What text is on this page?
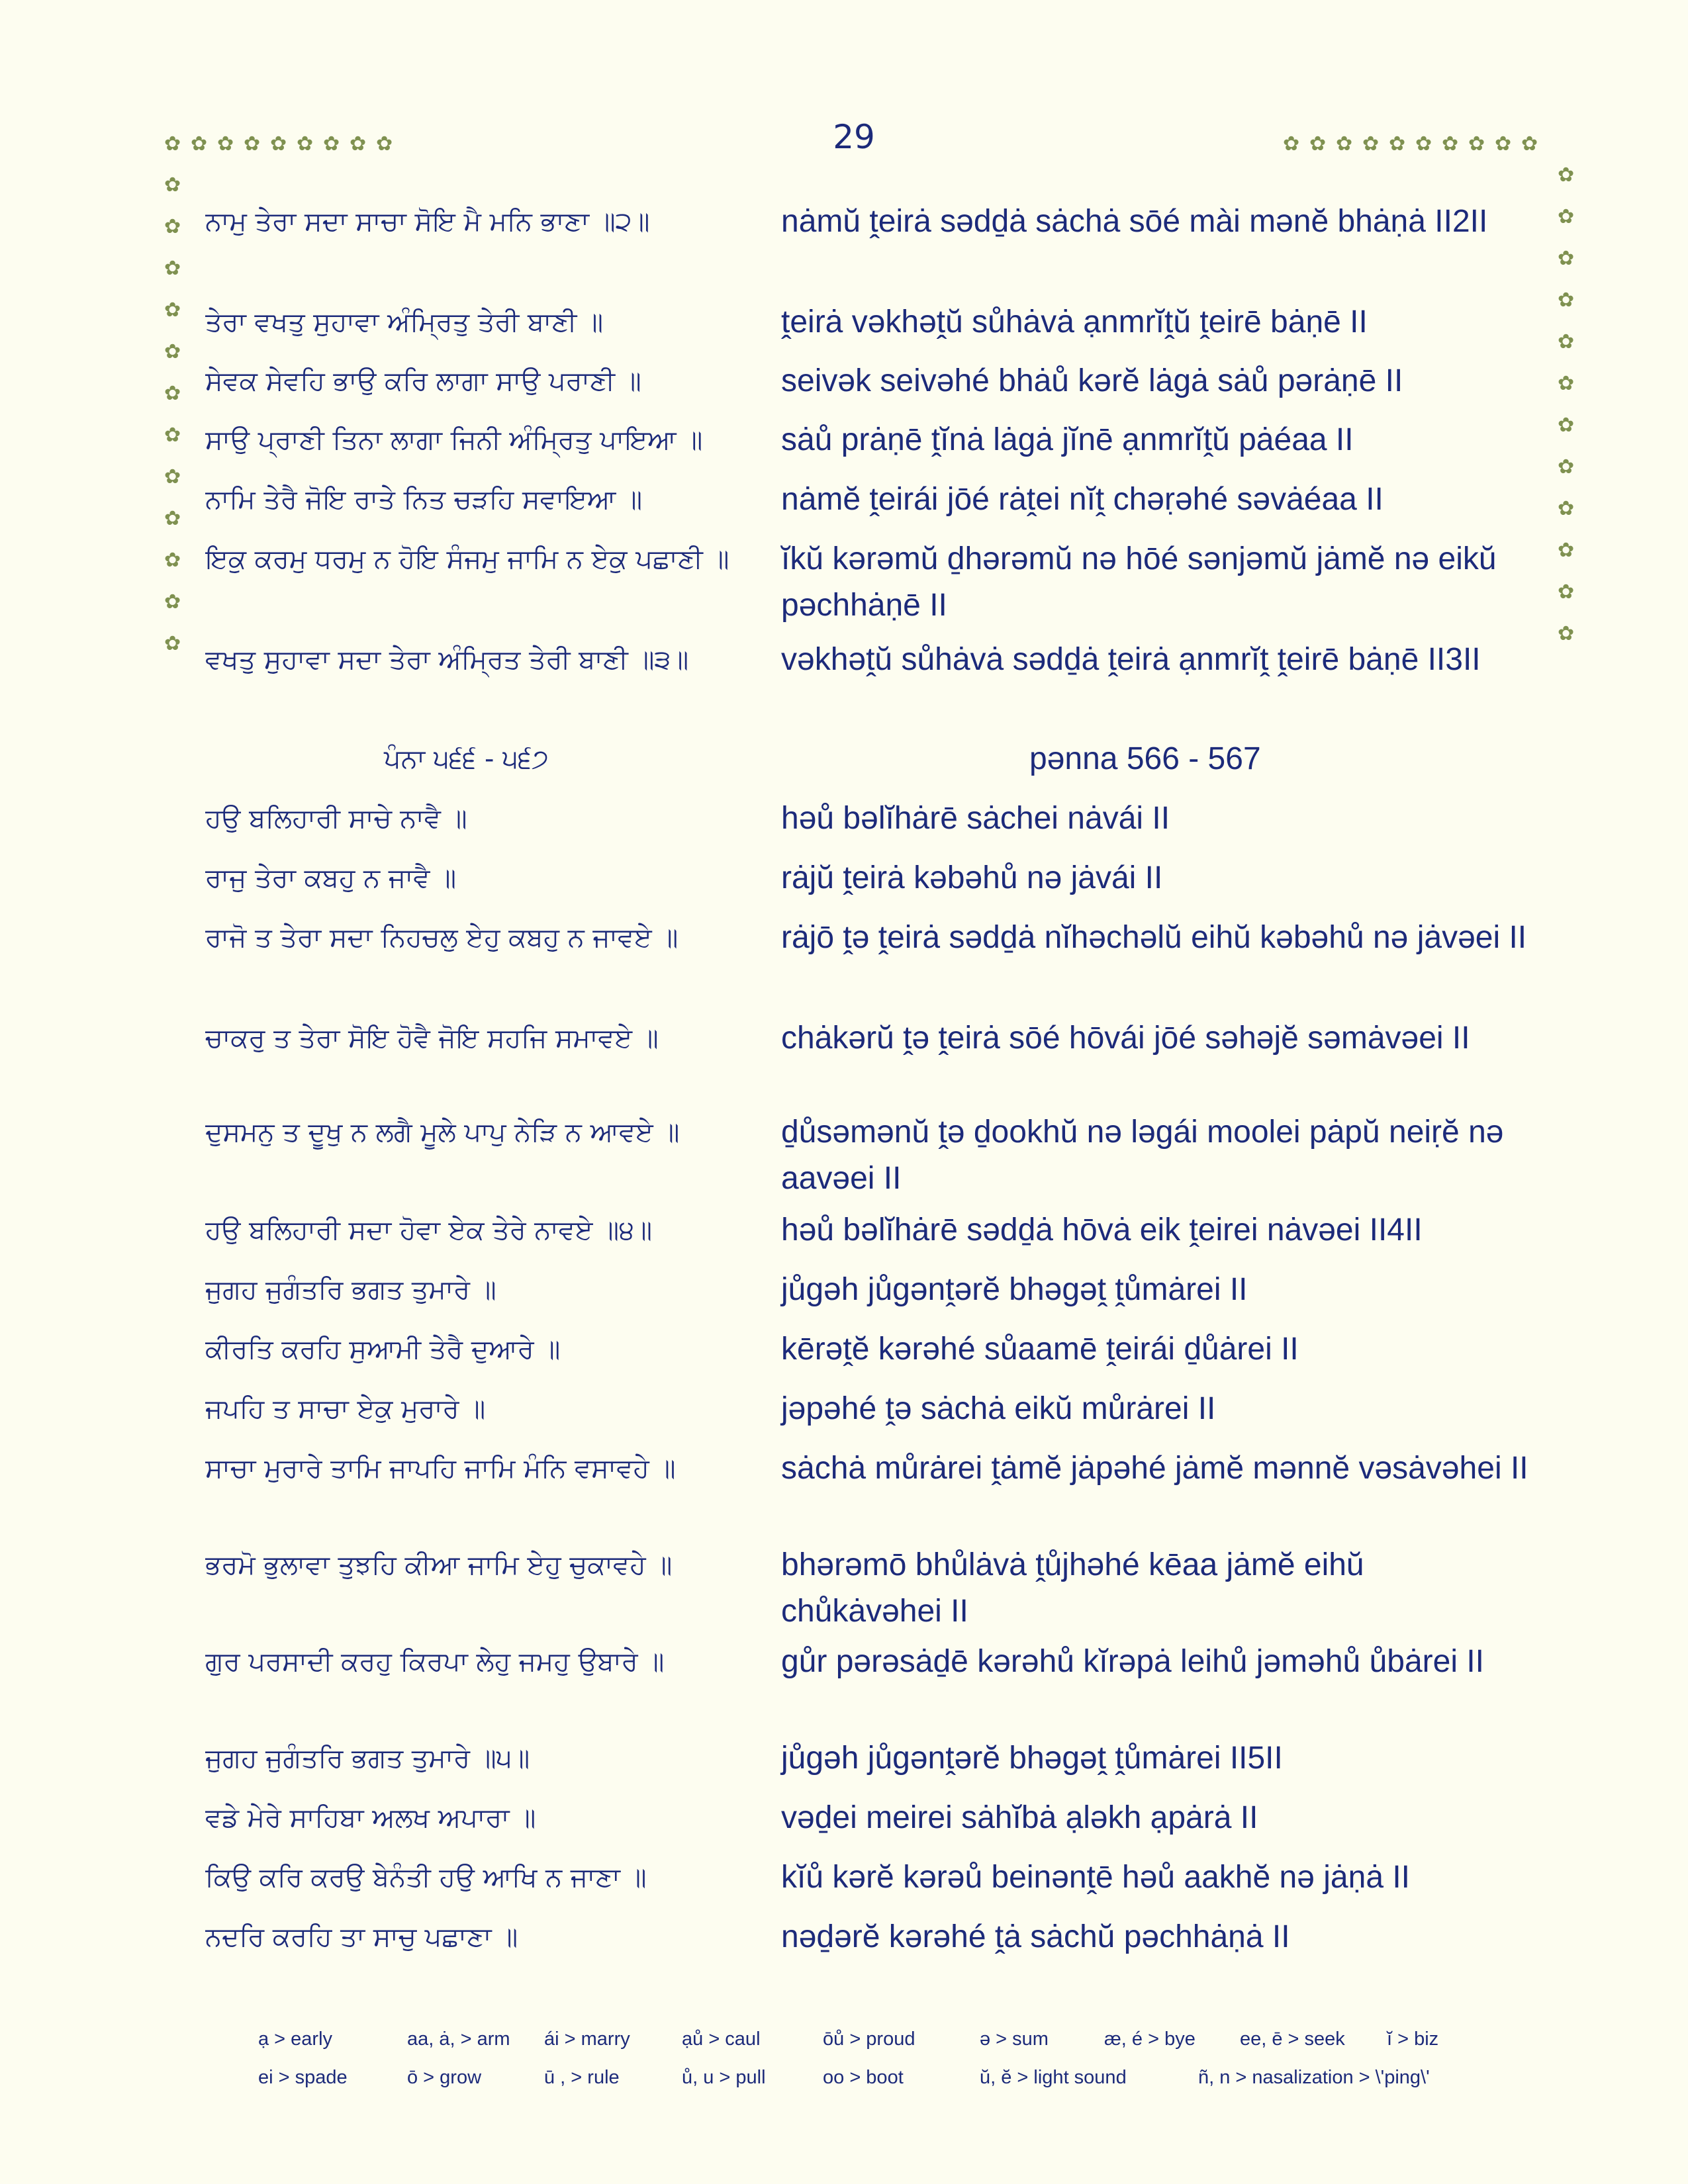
✿ ✿ ✿ ✿ ✿ ✿ ✿ ✿ ✿	✿ ✿ ✿ ✿ ✿ ✿ ✿ ✿ ✿ ✿
✿
✿
✿
✿
✿
✿
✿
✿
✿
✿
✿
✿
✿
✿
✿
✿
✿
✿
✿
✿
✿
✿
✿
✿
29
ਨਾਮੁ ਤੇਰਾ ਸਦਾ ਸਾਚਾ ਸੋਇ ਮੈ ਮਨਿ ਭਾਣਾ ॥੨॥	nȧmŭ ṱeirȧ sədḏȧ sȧchȧ sōé mài mənĕ bhȧṇȧ II2II
ਤੇਰਾ ਵਖਤੁ ਸੁਹਾਵਾ ਅੰਮ੍ਰਿਤੁ ਤੇਰੀ ਬਾਣੀ ॥	ṱeirȧ vəkhəṱŭ sůhȧvȧ ạnmrĭṱŭ ṱeirē bȧṇē II
ਸੇਵਕ ਸੇਵਹਿ ਭਾਉ ਕਰਿ ਲਾਗਾ ਸਾਉ ਪਰਾਣੀ ॥	seivək seivəhé bhȧů kərĕ lȧgȧ sȧů pərȧṇē II
ਸਾਉ ਪ੍ਰਾਣੀ ਤਿਨਾ ਲਾਗਾ ਜਿਨੀ ਅੰਮ੍ਰਿਤੁ ਪਾਇਆ ॥	sȧů prȧṇē ṱĭnȧ lȧgȧ jĭnē ạnmrĭṱŭ pȧéaa II
ਨਾਮਿ ਤੇਰੈ ਜੋਇ ਰਾਤੇ ਨਿਤ ਚੜਹਿ ਸਵਾਇਆ ॥	nȧmĕ ṱeirái jōé rȧṱei nĭṱ chəṛəhé səvȧéaa II
ਇਕੁ ਕਰਮੁ ਧਰਮੁ ਨ ਹੋਇ ਸੰਜਮੁ ਜਾਮਿ ਨ ਏਕੁ ਪਛਾਣੀ ॥ ĭkŭ kərəmŭ ḏhərəmŭ nə hōé sənjəmŭ jȧmĕ nə eikŭ pəchhȧṇē II
ਵਖਤੁ ਸੁਹਾਵਾ ਸਦਾ ਤੇਰਾ ਅੰਮ੍ਰਿਤ ਤੇਰੀ ਬਾਣੀ ॥੩॥	vəkhəṱŭ sůhȧvȧ sədḏȧ ṱeirȧ ạnmrĭṱ ṱeirē bȧṇē II3II
ਪੰਨਾ ੫੬੬ - ੫੬੭	pənna 566 - 567
ਹਉ ਬਲਿਹਾਰੀ ਸਾਚੇ ਨਾਵੈ ॥	həů bəlĭhȧrē sȧchei nȧvái II
ਰਾਜੁ ਤੇਰਾ ਕਬਹੁ ਨ ਜਾਵੈ ॥	rȧjŭ ṱeirȧ kəbəhů nə jȧvái II
ਰਾਜੋ ਤ ਤੇਰਾ ਸਦਾ ਨਿਹਚਲੁ ਏਹੁ ਕਬਹੁ ਨ ਜਾਵਏ ॥	rȧjō ṱə ṱeirȧ sədḏȧ nĭhəchəlŭ eihŭ kəbəhů nə jȧvəei II
ਚਾਕਰੁ ਤ ਤੇਰਾ ਸੋਇ ਹੋਵੈ ਜੋਇ ਸਹਜਿ ਸਮਾਵਏ ॥	chȧkərŭ ṱə ṱeirȧ sōé hōvái jōé səhəjĕ səmȧvəei II
ਦੁਸਮਨੁ ਤ ਦੂਖੁ ਨ ਲਗੈ ਮੂਲੇ ਪਾਪੁ ਨੇੜਿ ਨ ਆਵਏ ॥	ḏůsəmənŭ ṱə ḏookhŭ nə ləgái moolei pȧpŭ neiṛĕ nə aavəei II
ਹਉ ਬਲਿਹਾਰੀ ਸਦਾ ਹੋਵਾ ਏਕ ਤੇਰੇ ਨਾਵਏ ॥੪॥	həů bəlĭhȧrē sədḏȧ hōvȧ eik ṱeirei nȧvəei II4II
ਜੁਗਹ ਜੁਗੰਤਰਿ ਭਗਤ ਤੁਮਾਰੇ ॥	jůgəh jůgənṱərĕ bhəgəṱ ṱůmȧrei II
ਕੀਰਤਿ ਕਰਹਿ ਸੁਆਮੀ ਤੇਰੈ ਦੁਆਰੇ ॥	kērəṱĕ kərəhé sůaamē ṱeirái ḏůȧrei II
ਜਪਹਿ ਤ ਸਾਚਾ ਏਕੁ ਮੁਰਾਰੇ ॥	jəpəhé ṱə sȧchȧ eikŭ můrȧrei II
ਸਾਚਾ ਮੁਰਾਰੇ ਤਾਮਿ ਜਾਪਹਿ ਜਾਮਿ ਮੰਨਿ ਵਸਾਵਹੇ ॥	sȧchȧ můrȧrei ṱȧmĕ jȧpəhé jȧmĕ mənnĕ vəsȧvəhei II
ਭਰਮੋ ਭੁਲਾਵਾ ਤੁਝਹਿ ਕੀਆ ਜਾਮਿ ਏਹੁ ਚੁਕਾਵਹੇ ॥	bhərəmō bhůlȧvȧ ṱůjhəhé kēaa jȧmĕ eihŭ chůkȧvəhei II
ਗੁਰ ਪਰਸਾਦੀ ਕਰਹੁ ਕਿਰਪਾ ਲੇਹੁ ਜਮਹੁ ਉਬਾਰੇ ॥	gůr pərəsȧḏē kərəhů kĭrəpȧ leihů jəməhů ůbȧrei II
ਜੁਗਹ ਜੁਗੰਤਰਿ ਭਗਤ ਤੁਮਾਰੇ ॥੫॥	jůgəh jůgənṱərĕ bhəgəṱ ṱůmȧrei II5II
ਵਡੇ ਮੇਰੇ ਸਾਹਿਬਾ ਅਲਖ ਅਪਾਰਾ ॥	vəḏei meirei sȧhĭbȧ ạləkh ạpȧrȧ II
ਕਿਉ ਕਰਿ ਕਰਉ ਬੇਨੰਤੀ ਹਉ ਆਖਿ ਨ ਜਾਣਾ ॥	kĭů kərĕ kərəů beinənṱē həů aakhĕ nə jȧṇȧ II
ਨਦਰਿ ਕਰਹਿ ਤਾ ਸਾਚੁ ਪਛਾਣਾ ॥	nəḏərĕ kərəhé ṱȧ sȧchŭ pəchhȧṇȧ II
ạ > early	aa, ȧ, > arm ái > marry	ạů > caul	ōů > proud	ə > sum	æ, é > bye ee, ē > seek ĭ > biz
ei > spade	ō > grow	ū , > rule	ů, u > pull	oo > boot	ŭ, ĕ > light sound	ñ, n > nasalization > \'ping\'
